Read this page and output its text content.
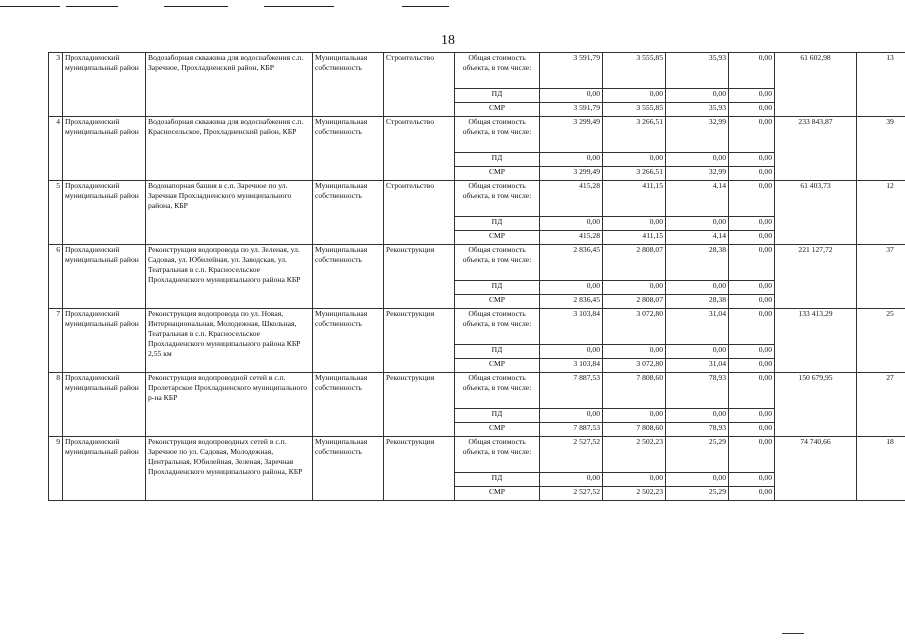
18
3	Прохладненский муниципальный район	Водозаборная скважина для водоснабжения с.п. Заречное, Прохладненский район, КБР	Муниципальная собственность	Строительство	Общая стоимость объекта, в том числе:	3 591,79	3 555,85	35,93	0,00	61 602,98	13
					ПД	0,00	0,00	0,00	0,00		
					СМР	3 591,79	3 555,85	35,93	0,00		
4	Прохладненский муниципальный район	Водозаборная скважина для водоснабжения с.п. Красносельское, Прохладненский район, КБР	Муниципальная собственность	Строительство	Общая стоимость объекта, в том числе:	3 299,49	3 266,51	32,99	0,00	233 843,87	39
					ПД	0,00	0,00	0,00	0,00		
					СМР	3 299,49	3 266,51	32,99	0,00		
5	Прохладненский муниципальный район	Водонапорная башня в с.п. Заречное по ул. Заречная Прохладненского муниципального района, КБР	Муниципальная собственность	Строительство	Общая стоимость объекта, в том числе:	415,28	411,15	4,14	0,00	61 403,73	12
					ПД	0,00	0,00	0,00	0,00		
					СМР	415,28	411,15	4,14	0,00		
6	Прохладненский муниципальный район	Реконструкция водопровода по ул. Зеленая, ул. Садовая, ул. Юбилейная, ул. Заводская, ул. Театральная в с.п. Красносельское Прохладненского муниципального района КБР	Муниципальная собственность	Реконструкция	Общая стоимость объекта, в том числе:	2 836,45	2 808,07	28,38	0,00	221 127,72	37
					ПД	0,00	0,00	0,00	0,00		
					СМР	2 836,45	2 808,07	28,38	0,00		
7	Прохладненский муниципальный район	Реконструкция водопровода по ул. Новая, Интернациональная, Молодежная, Школьная, Театральная в с.п. Красносельское Прохладненского муниципального района КБР 2,55 км	Муниципальная собственность	Реконструкция	Общая стоимость объекта, в том числе:	3 103,84	3 072,80	31,04	0,00	133 413,29	25
					ПД	0,00	0,00	0,00	0,00		
					СМР	3 103,84	3 072,80	31,04	0,00		
8	Прохладненский муниципальный район	Реконструкция водопроводной сетей в с.п. Пролетарское Прохладненского муниципального р-на КБР	Муниципальная собственность	Реконструкция	Общая стоимость объекта, в том числе:	7 887,53	7 808,60	78,93	0,00	150 679,95	27
					ПД	0,00	0,00	0,00	0,00		
					СМР	7 887,53	7 808,60	78,93	0,00		
9	Прохладненский муниципальный район	Реконструкция водопроводных сетей в с.п. Заречное по ул. Садовая, Молодежная, Центральная, Юбилейная, Зеленая, Заречная Прохладненского муниципального района, КБР	Муниципальная собственность	Реконструкция	Общая стоимость объекта, в том числе:	2 527,52	2 502,23	25,29	0,00	74 740,66	18
					ПД	0,00	0,00	0,00	0,00		
					СМР	2 527,52	2 502,23	25,29	0,00		
